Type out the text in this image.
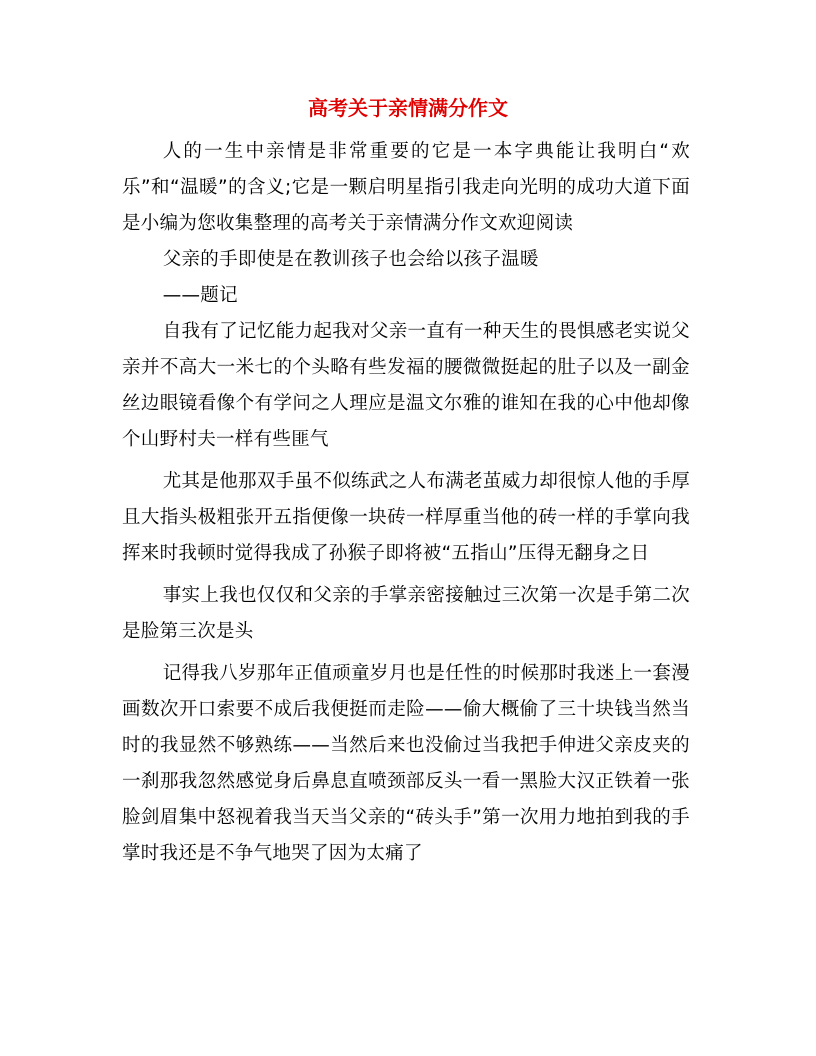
高考关于亲情满分作文

人的一生中亲情是非常重要的它是一本字典能让我明白“欢乐”和“温暖”的含义;它是一颗启明星指引我走向光明的成功大道下面是小编为您收集整理的高考关于亲情满分作文欢迎阅读

父亲的手即使是在教训孩子也会给以孩子温暖

——题记

自我有了记忆能力起我对父亲一直有一种天生的畏惧感老实说父亲并不高大一米七的个头略有些发福的腰微微挺起的肚子以及一副金丝边眼镜看像个有学问之人理应是温文尔雅的谁知在我的心中他却像个山野村夫一样有些匪气

尤其是他那双手虽不似练武之人布满老茧威力却很惊人他的手厚且大指头极粗张开五指便像一块砖一样厚重当他的砖一样的手掌向我挥来时我顿时觉得我成了孙猴子即将被“五指山”压得无翻身之日

事实上我也仅仅和父亲的手掌亲密接触过三次第一次是手第二次是脸第三次是头

记得我八岁那年正值顽童岁月也是任性的时候那时我迷上一套漫画数次开口索要不成后我便挺而走险——偷大概偷了三十块钱当然当时的我显然不够熟练——当然后来也没偷过当我把手伸进父亲皮夹的一刹那我忽然感觉身后鼻息直喷颈部反头一看一黑脸大汉正铁着一张脸剑眉集中怒视着我当天当父亲的“砖头手”第一次用力地拍到我的手掌时我还是不争气地哭了因为太痛了
